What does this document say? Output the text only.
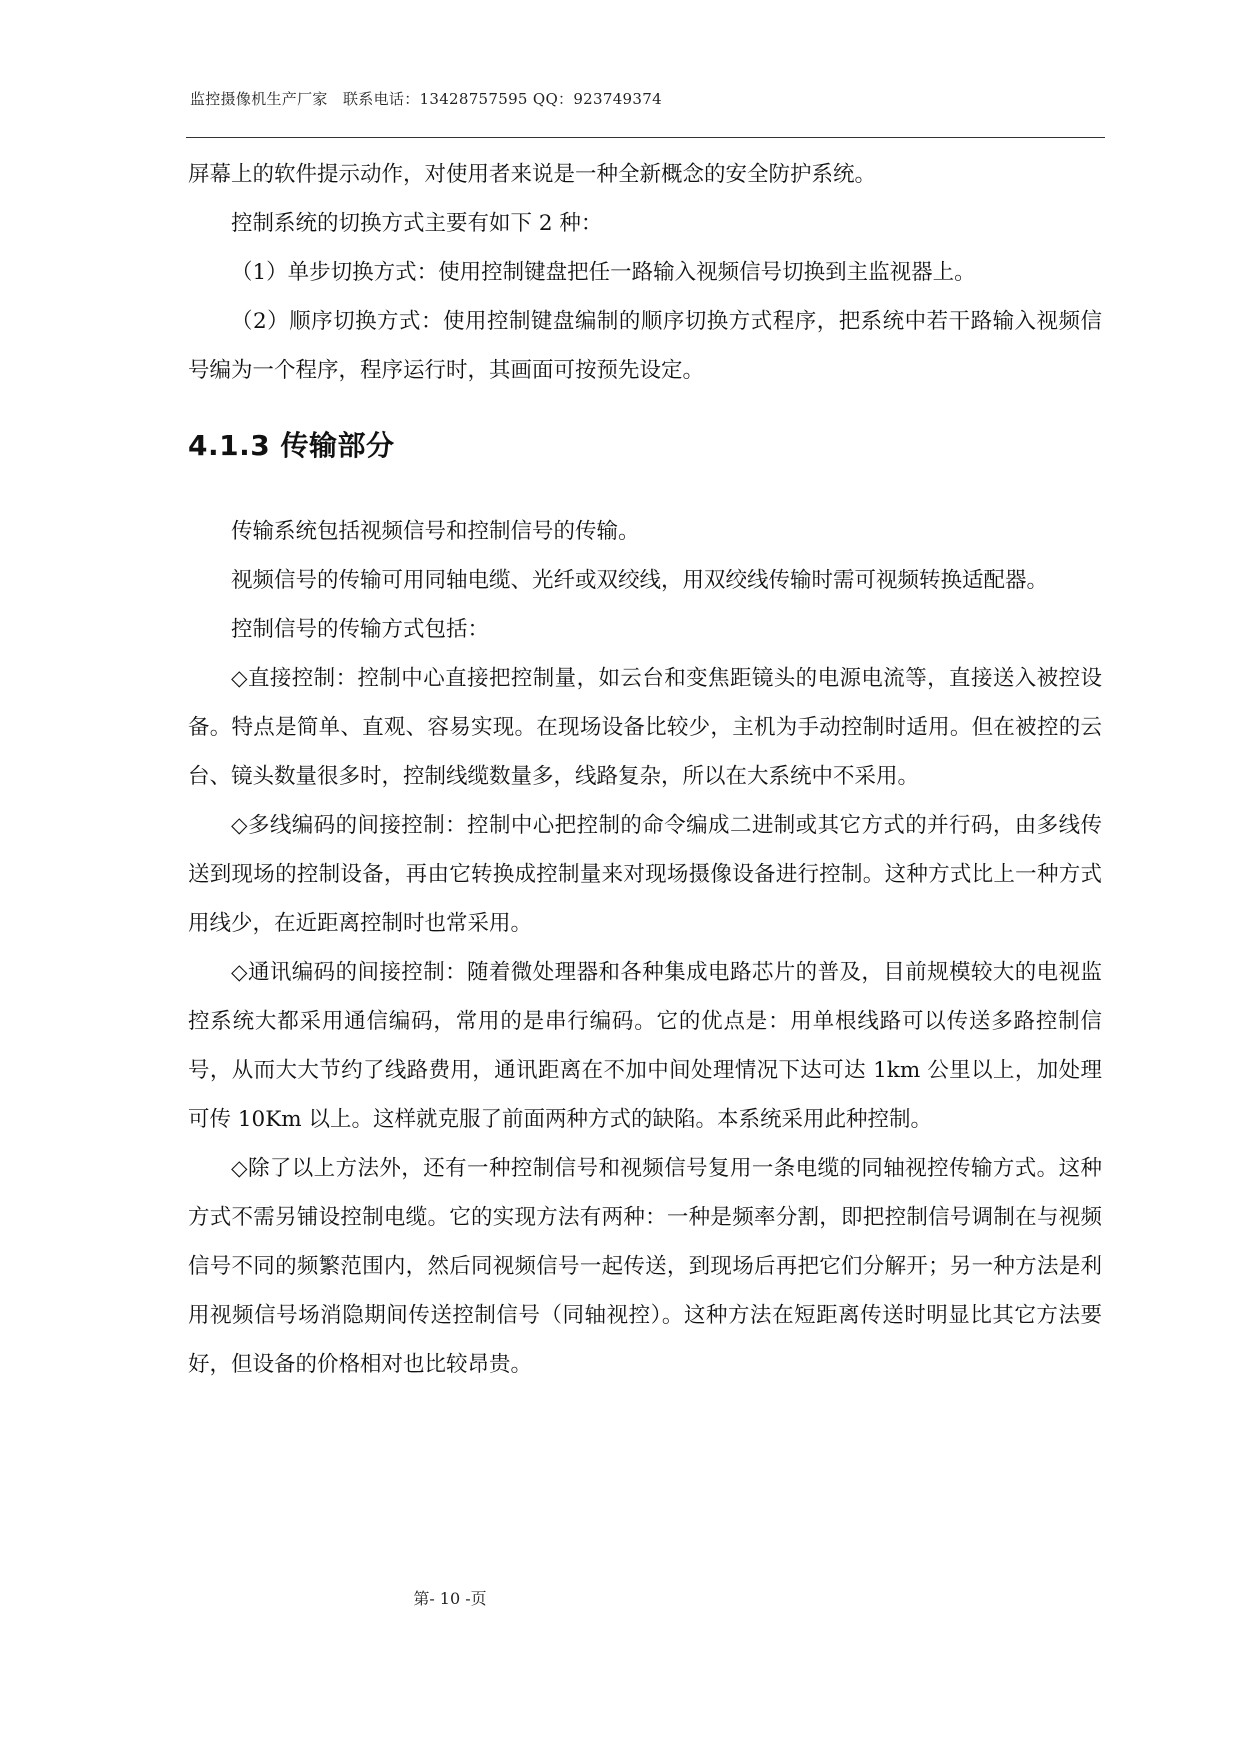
监控摄像机生产厂家　联系电话：13428757595 QQ：923749374

屏幕上的软件提示动作，对使用者来说是一种全新概念的安全防护系统。

控制系统的切换方式主要有如下 2 种：

（1）单步切换方式：使用控制键盘把任一路输入视频信号切换到主监视器上。

（2）顺序切换方式：使用控制键盘编制的顺序切换方式程序，把系统中若干路输入视频信号编为一个程序，程序运行时，其画面可按预先设定。

4.1.3 传输部分

传输系统包括视频信号和控制信号的传输。

视频信号的传输可用同轴电缆、光纤或双绞线，用双绞线传输时需可视频转换适配器。

控制信号的传输方式包括：

◇直接控制：控制中心直接把控制量，如云台和变焦距镜头的电源电流等，直接送入被控设备。特点是简单、直观、容易实现。在现场设备比较少，主机为手动控制时适用。但在被控的云台、镜头数量很多时，控制线缆数量多，线路复杂，所以在大系统中不采用。

◇多线编码的间接控制：控制中心把控制的命令编成二进制或其它方式的并行码，由多线传送到现场的控制设备，再由它转换成控制量来对现场摄像设备进行控制。这种方式比上一种方式用线少，在近距离控制时也常采用。

◇通讯编码的间接控制：随着微处理器和各种集成电路芯片的普及，目前规模较大的电视监控系统大都采用通信编码，常用的是串行编码。它的优点是：用单根线路可以传送多路控制信号，从而大大节约了线路费用，通讯距离在不加中间处理情况下达可达 1km 公里以上，加处理可传 10Km 以上。这样就克服了前面两种方式的缺陷。本系统采用此种控制。

◇除了以上方法外，还有一种控制信号和视频信号复用一条电缆的同轴视控传输方式。这种方式不需另铺设控制电缆。它的实现方法有两种：一种是频率分割，即把控制信号调制在与视频信号不同的频繁范围内，然后同视频信号一起传送，到现场后再把它们分解开；另一种方法是利用视频信号场消隐期间传送控制信号（同轴视控）。这种方法在短距离传送时明显比其它方法要好，但设备的价格相对也比较昂贵。

第- 10 -页
